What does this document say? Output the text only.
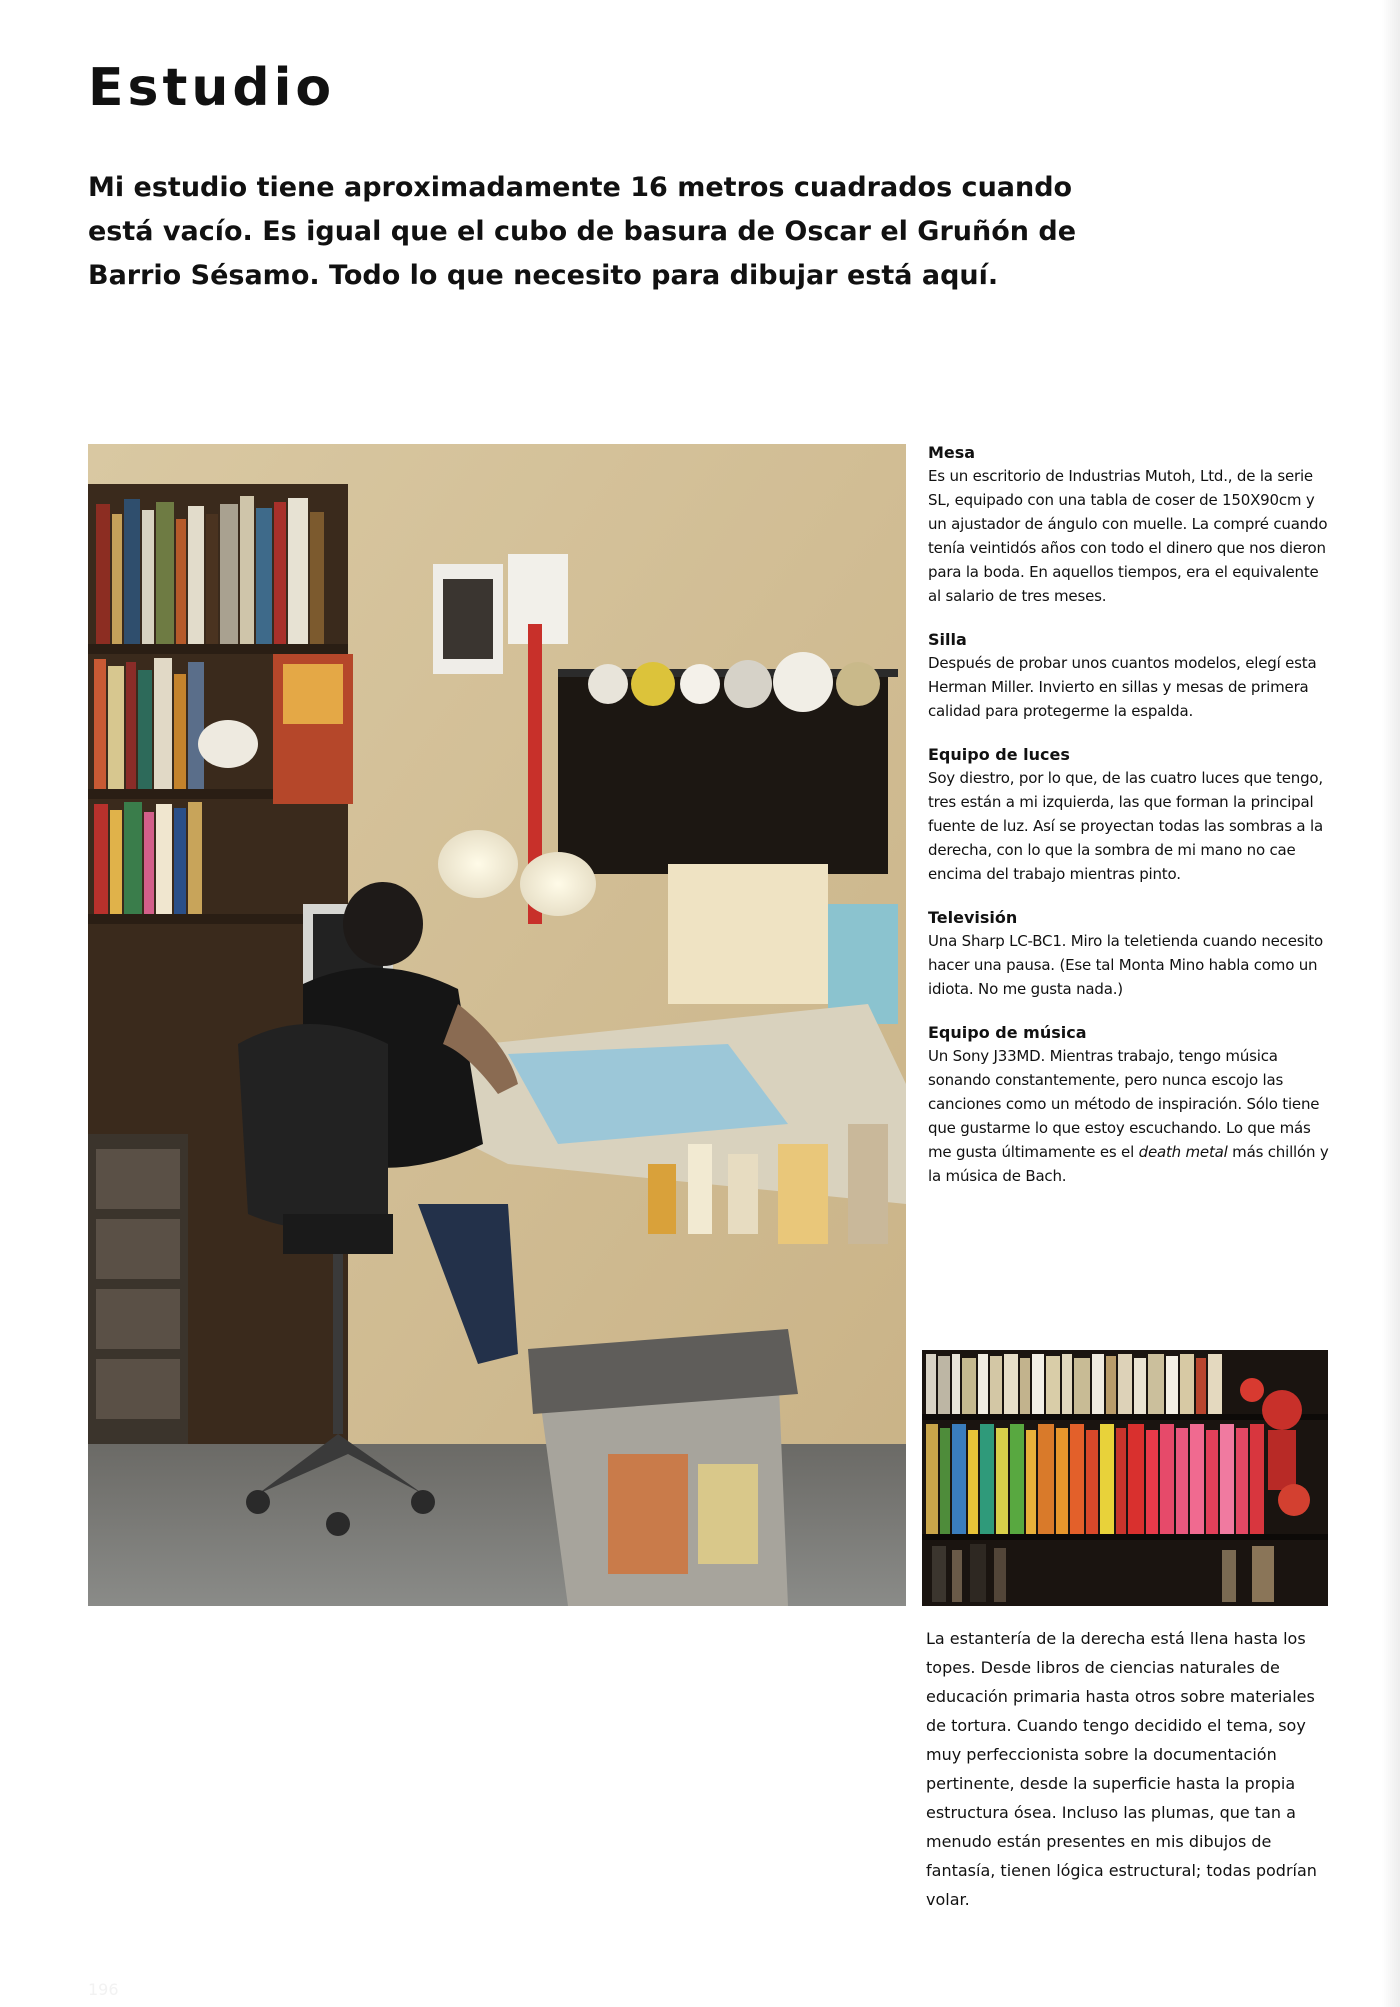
Estudio

Mi estudio tiene aproximadamente 16 metros cuadrados cuando está vacío. Es igual que el cubo de basura de Oscar el Gruñón de Barrio Sésamo. Todo lo que necesito para dibujar está aquí.

Mesa

Es un escritorio de Industrias Mutoh, Ltd., de la serie SL, equipado con una tabla de coser de 150X90cm y un ajustador de ángulo con muelle. La compré cuando tenía veintidós años con todo el dinero que nos dieron para la boda. En aquellos tiempos, era el equivalente al salario de tres meses.

Silla

Después de probar unos cuantos modelos, elegí esta Herman Miller. Invierto en sillas y mesas de primera calidad para protegerme la espalda.

Equipo de luces

Soy diestro, por lo que, de las cuatro luces que tengo, tres están a mi izquierda, las que forman la principal fuente de luz. Así se proyectan todas las sombras a la derecha, con lo que la sombra de mi mano no cae encima del trabajo mientras pinto.

Televisión

Una Sharp LC-BC1. Miro la teletienda cuando necesito hacer una pausa. (Ese tal Monta Mino habla como un idiota. No me gusta nada.)

Equipo de música

Un Sony J33MD. Mientras trabajo, tengo música sonando constantemente, pero nunca escojo las canciones como un método de inspiración. Sólo tiene que gustarme lo que estoy escuchando. Lo que más me gusta últimamente es el death metal más chillón y la música de Bach.

La estantería de la derecha está llena hasta los topes. Desde libros de ciencias naturales de educación primaria hasta otros sobre materiales de tortura. Cuando tengo decidido el tema, soy muy perfeccionista sobre la documentación pertinente, desde la superficie hasta la propia estructura ósea. Incluso las plumas, que tan a menudo están presentes en mis dibujos de fantasía, tienen lógica estructural; todas podrían volar.

196
